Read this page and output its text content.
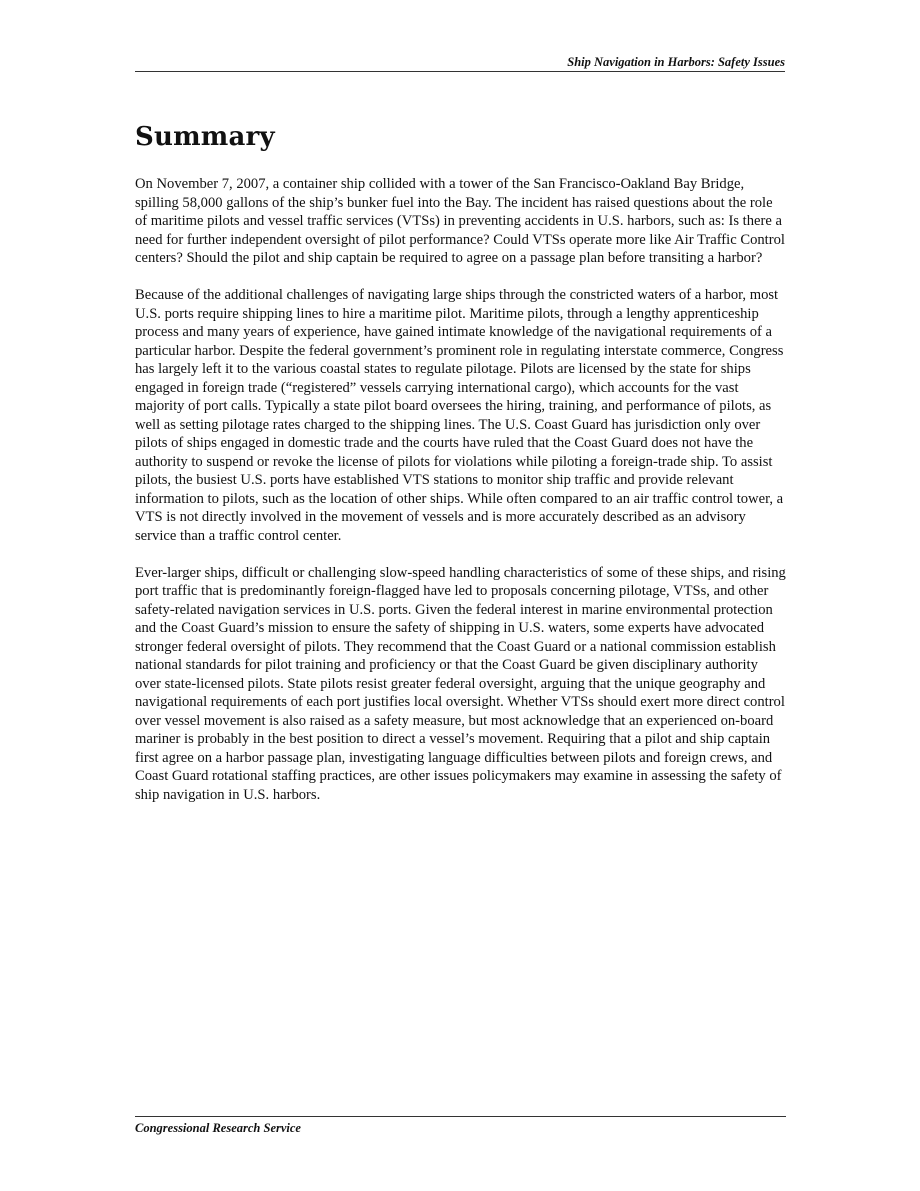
Ship Navigation in Harbors: Safety Issues
Summary

On November 7, 2007, a container ship collided with a tower of the San Francisco-Oakland Bay Bridge, spilling 58,000 gallons of the ship’s bunker fuel into the Bay. The incident has raised questions about the role of maritime pilots and vessel traffic services (VTSs) in preventing accidents in U.S. harbors, such as: Is there a need for further independent oversight of pilot performance? Could VTSs operate more like Air Traffic Control centers? Should the pilot and ship captain be required to agree on a passage plan before transiting a harbor?

Because of the additional challenges of navigating large ships through the constricted waters of a harbor, most U.S. ports require shipping lines to hire a maritime pilot. Maritime pilots, through a lengthy apprenticeship process and many years of experience, have gained intimate knowledge of the navigational requirements of a particular harbor. Despite the federal government’s prominent role in regulating interstate commerce, Congress has largely left it to the various coastal states to regulate pilotage. Pilots are licensed by the state for ships engaged in foreign trade (“registered” vessels carrying international cargo), which accounts for the vast majority of port calls. Typically a state pilot board oversees the hiring, training, and performance of pilots, as well as setting pilotage rates charged to the shipping lines. The U.S. Coast Guard has jurisdiction only over pilots of ships engaged in domestic trade and the courts have ruled that the Coast Guard does not have the authority to suspend or revoke the license of pilots for violations while piloting a foreign-trade ship. To assist pilots, the busiest U.S. ports have established VTS stations to monitor ship traffic and provide relevant information to pilots, such as the location of other ships. While often compared to an air traffic control tower, a VTS is not directly involved in the movement of vessels and is more accurately described as an advisory service than a traffic control center.

Ever-larger ships, difficult or challenging slow-speed handling characteristics of some of these ships, and rising port traffic that is predominantly foreign-flagged have led to proposals concerning pilotage, VTSs, and other safety-related navigation services in U.S. ports. Given the federal interest in marine environmental protection and the Coast Guard’s mission to ensure the safety of shipping in U.S. waters, some experts have advocated stronger federal oversight of pilots. They recommend that the Coast Guard or a national commission establish national standards for pilot training and proficiency or that the Coast Guard be given disciplinary authority over state-licensed pilots. State pilots resist greater federal oversight, arguing that the unique geography and navigational requirements of each port justifies local oversight. Whether VTSs should exert more direct control over vessel movement is also raised as a safety measure, but most acknowledge that an experienced on-board mariner is probably in the best position to direct a vessel’s movement. Requiring that a pilot and ship captain first agree on a harbor passage plan, investigating language difficulties between pilots and foreign crews, and Coast Guard rotational staffing practices, are other issues policymakers may examine in assessing the safety of ship navigation in U.S. harbors.

Congressional Research Service
